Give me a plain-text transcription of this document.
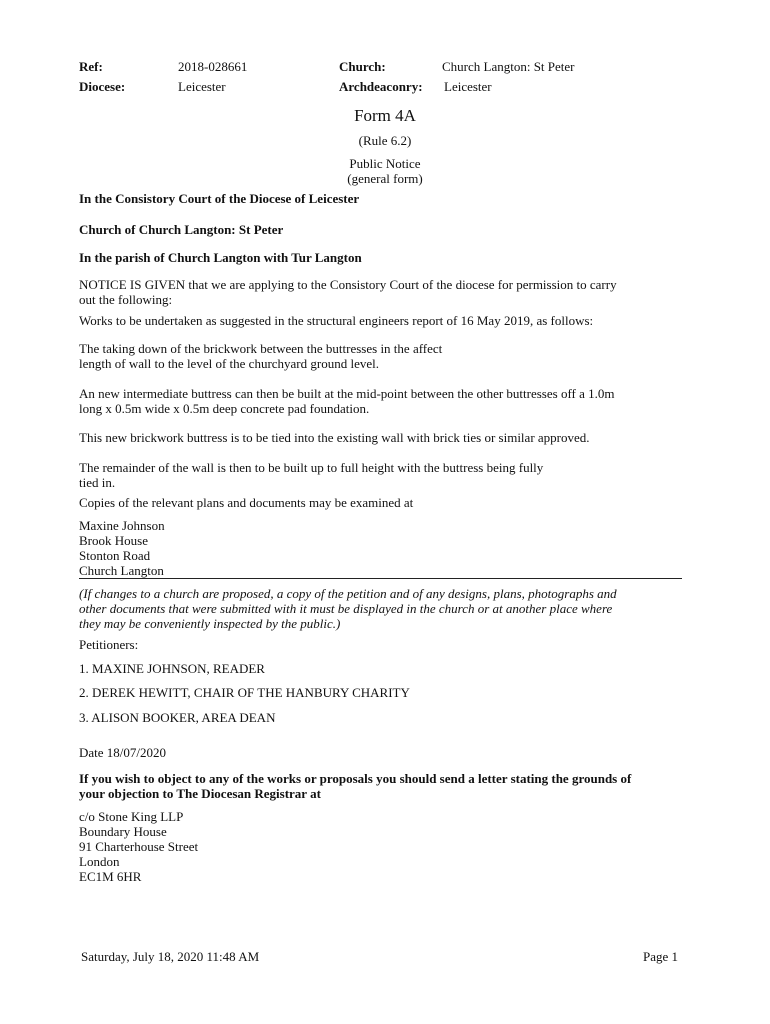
Ref:	2018-028661	Church:	Church Langton: St Peter
Diocese:	Leicester	Archdeaconry: Leicester
Form 4A
(Rule 6.2)
Public Notice
(general form)
In the Consistory Court of the Diocese of Leicester
Church of Church Langton: St Peter
In the parish of Church Langton with Tur Langton
NOTICE IS GIVEN that we are applying to the Consistory Court of the diocese for permission to carry
out the following:
Works to be undertaken as suggested in the structural engineers report of 16 May 2019, as follows:
The taking down of the brickwork between the buttresses in the affect
length of wall to the level of the churchyard ground level.
An new intermediate buttress can then be built at the mid-point between the other buttresses off a 1.0m
long x 0.5m wide x 0.5m deep concrete pad foundation.
This new brickwork buttress is to be tied into the existing wall with brick ties or similar approved.
The remainder of the wall is then to be built up to full height with the buttress being fully
tied in.
Copies of the relevant plans and documents may be examined at
Maxine Johnson
Brook House
Stonton Road
Church Langton
(If changes to a church are proposed, a copy of the petition and of any designs, plans, photographs and
other documents that were submitted with it must be displayed in the church or at another place where
they may be conveniently inspected by the public.)
Petitioners:
1. MAXINE JOHNSON, READER
2. DEREK HEWITT, CHAIR OF THE HANBURY CHARITY
3. ALISON BOOKER, AREA DEAN
Date 18/07/2020
If you wish to object to any of the works or proposals you should send a letter stating the grounds of
your objection to The Diocesan Registrar at
c/o Stone King LLP
Boundary House
91 Charterhouse Street
London
EC1M 6HR
Saturday, July 18, 2020 11:48 AM	Page 1
